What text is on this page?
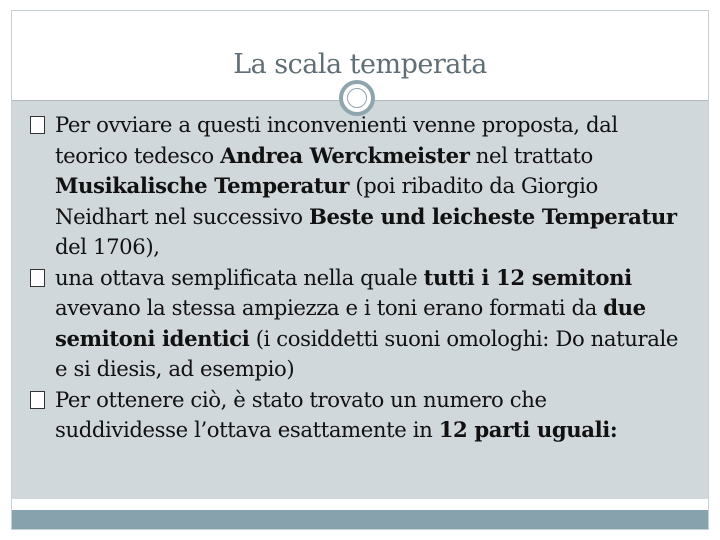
La scala temperata
Per ovviare a questi inconvenienti venne proposta, dal teorico tedesco Andrea Werckmeister nel trattato Musikalische Temperatur (poi ribadito da Giorgio Neidhart nel successivo Beste und leicheste Temperatur del 1706),
una ottava semplificata nella quale tutti i 12 semitoni avevano la stessa ampiezza e i toni erano formati da due semitoni identici (i cosiddetti suoni omologhi: Do naturale e si diesis, ad esempio)
Per ottenere ciò, è stato trovato un numero che suddividesse l’ottava esattamente in 12 parti uguali:
